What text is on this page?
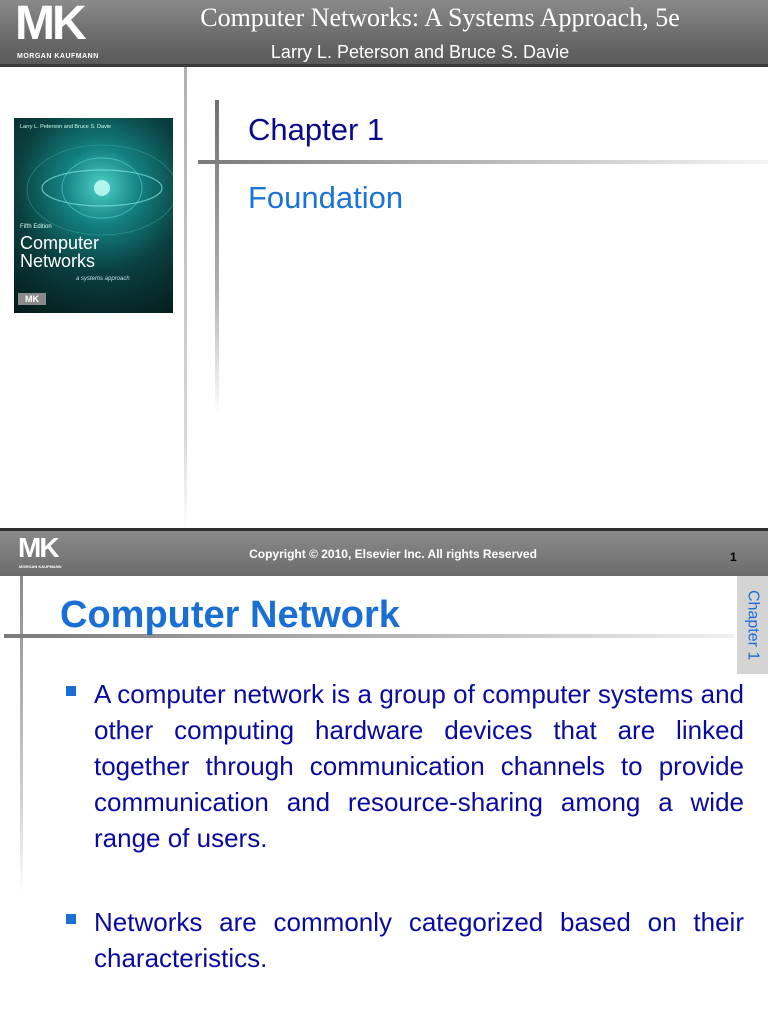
MK
MORGAN KAUFMANN
Computer Networks: A Systems Approach, 5e
Larry L. Peterson and Bruce S. Davie
Larry L. Peterson and Bruce S. Davie
Fifth Edition
Computer
Networks
a systems approach
MK
Chapter 1
Foundation
MK
MORGAN KAUFMANN
Copyright © 2010, Elsevier Inc. All rights Reserved	1
Computer Network	Chapter 1
A computer network is a group of computer systems and other computing hardware devices that are linked together through communication channels to provide communication and resource-sharing among a wide range of users.
Networks are commonly categorized based on their characteristics.
